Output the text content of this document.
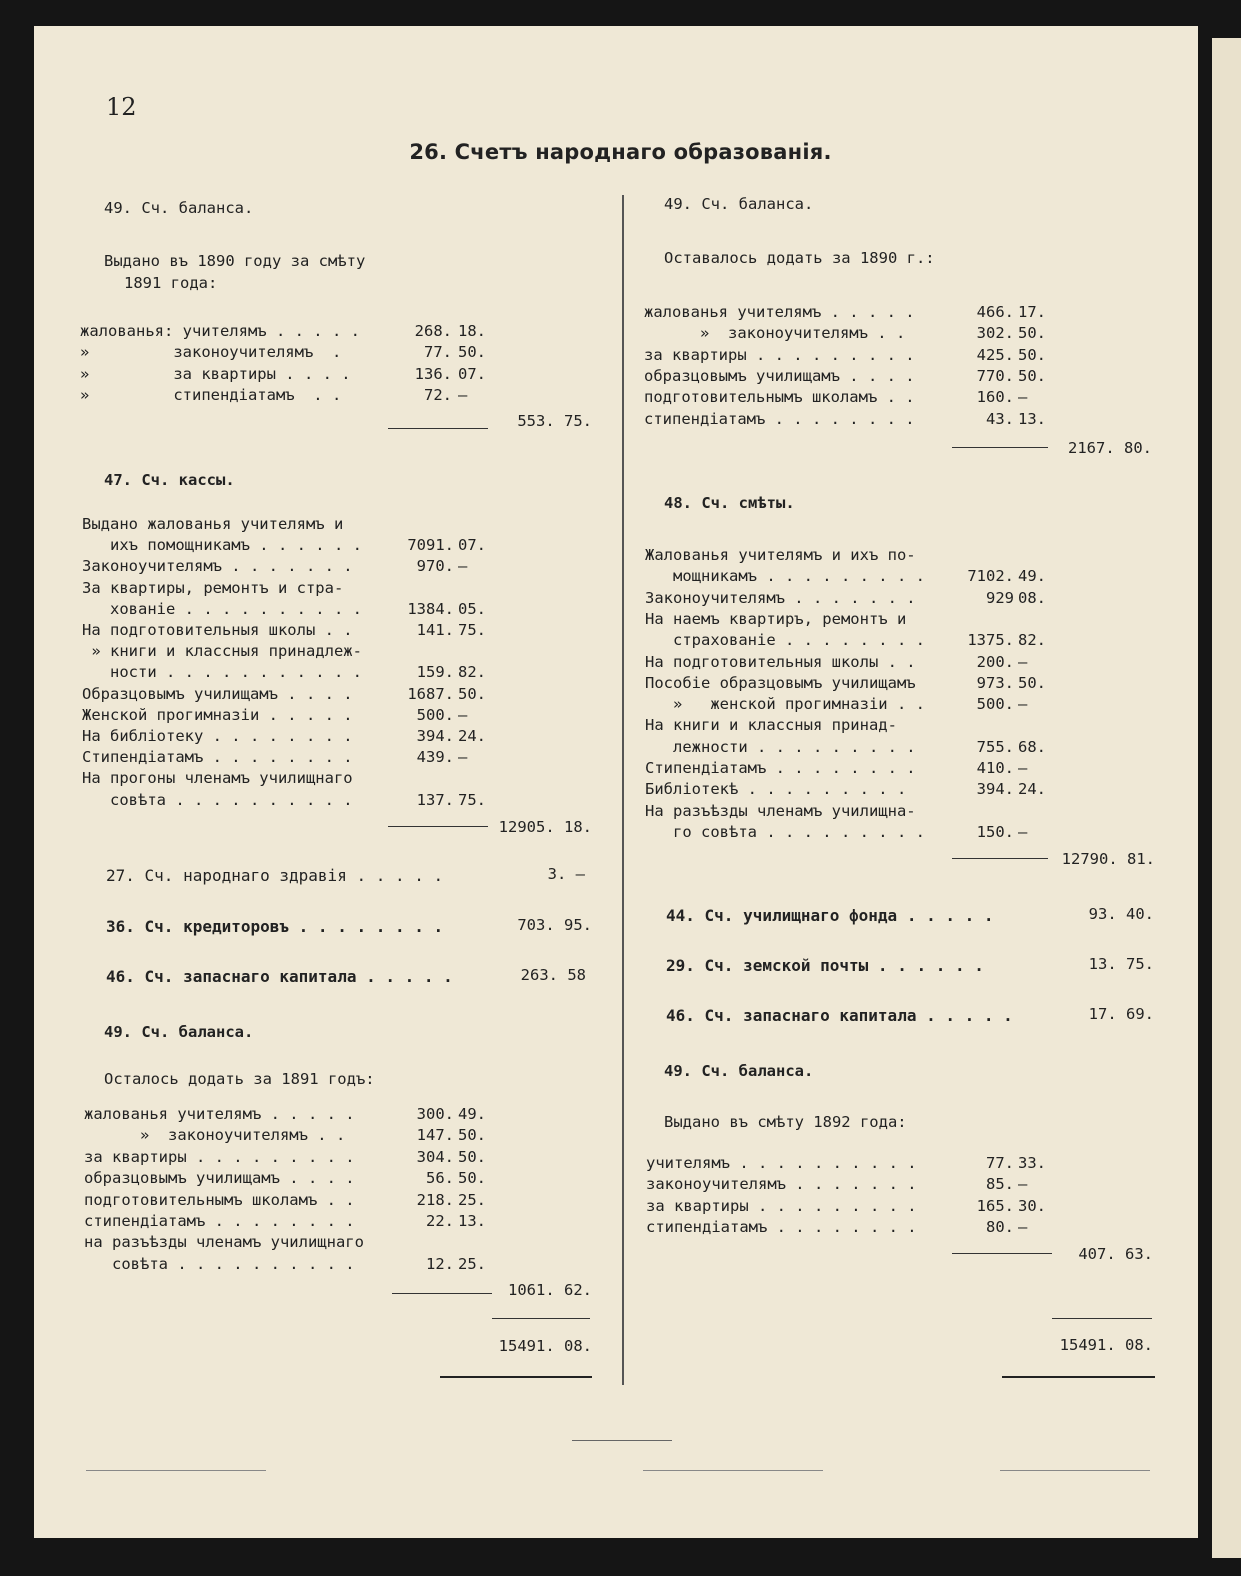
12
26. Счетъ народнаго образованія.
49. Сч. баланса.
Выдано въ 1890 году за смѣту
1891 года:
жалованья: учителямъ . . . . .	268. 18.
»         законоучителямъ  .	77. 50.
»         за квартиры . . . .	136. 07.
»         стипендіатамъ  . .	72. —
553. 75.
47. Сч. кассы.
Выдано жалованья учителямъ и
ихъ помощникамъ . . . . . .	7091. 07.
Законоучителямъ . . . . . . .	970. —
За квартиры, ремонтъ и стра-
хованіе . . . . . . . . . .	1384. 05.
На подготовительныя школы . .	141. 75.
» книги и классныя принадлеж-
ности . . . . . . . . . . .	159. 82.
Образцовымъ училищамъ . . . .	1687. 50.
Женской прогимназіи . . . . .	500. —
На библіотеку . . . . . . . .	394. 24.
Стипендіатамъ . . . . . . . .	439. —
На прогоны членамъ училищнаго
совѣта . . . . . . . . . .	137. 75.
12905. 18.
27. Сч. народнаго здравія . . . . .	3. —
36. Сч. кредиторовъ . . . . . . . .	703. 95.
46. Сч. запаснаго капитала . . . . .	263. 58
49. Сч. баланса.
Осталось додать за 1891 годъ:
жалованья учителямъ . . . . .	300. 49.
»  законоучителямъ . .	147. 50.
за квартиры . . . . . . . . .	304. 50.
образцовымъ училищамъ . . . .	56. 50.
подготовительнымъ школамъ . .	218. 25.
стипендіатамъ . . . . . . . .	22. 13.
на разъѣзды членамъ училищнаго
совѣта . . . . . . . . . .	12. 25.
1061. 62.
15491. 08.
49. Сч. баланса.
Оставалось додать за 1890 г.:
жалованья учителямъ . . . . .	466. 17.
»  законоучителямъ . .	302. 50.
за квартиры . . . . . . . . .	425. 50.
образцовымъ училищамъ . . . .	770. 50.
подготовительнымъ школамъ . .	160. —
стипендіатамъ . . . . . . . .	43. 13.
2167. 80.
48. Сч. смѣты.
Жалованья учителямъ и ихъ по-
мощникамъ . . . . . . . . .	7102. 49.
Законоучителямъ . . . . . . .	929 08.
На наемъ квартиръ, ремонтъ и
страхованіе . . . . . . . .	1375. 82.
На подготовительныя школы . .	200. —
Пособіе образцовымъ училищамъ	973. 50.
»   женской прогимназіи . .	500. —
На книги и классныя принад-
лежности . . . . . . . . .	755. 68.
Стипендіатамъ . . . . . . . .	410. —
Библіотекѣ . . . . . . . . .	394. 24.
На разъѣзды членамъ училищна-
го совѣта . . . . . . . . .	150. —
12790. 81.
44. Сч. училищнаго фонда . . . . .	93. 40.
29. Сч. земской почты . . . . . .	13. 75.
46. Сч. запаснаго капитала . . . . .	17. 69.
49. Сч. баланса.
Выдано въ смѣту 1892 года:
учителямъ . . . . . . . . . .	77. 33.
законоучителямъ . . . . . . .	85. —
за квартиры . . . . . . . . .	165. 30.
стипендіатамъ . . . . . . . .	80. —
407. 63.
15491. 08.
